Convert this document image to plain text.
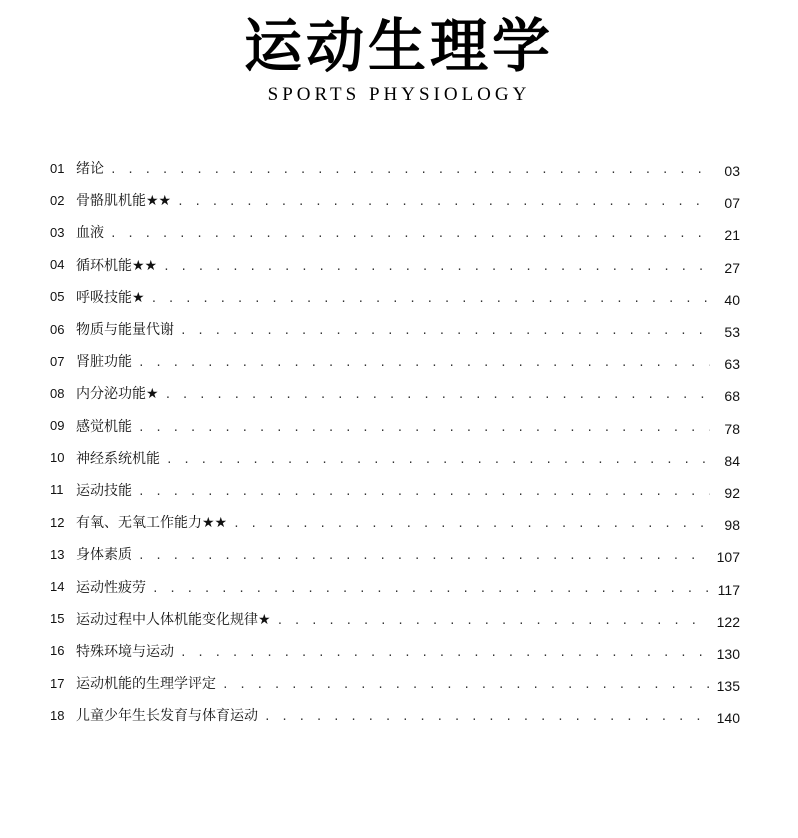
运动生理学
SPORTS PHYSIOLOGY
01 绪论 . . .	03
02 骨骼肌机能★★ . . .	07
03 血液 . . .	21
04 循环机能★★ . . .	27
05 呼吸技能★ . . .	40
06 物质与能量代谢 . . .	53
07 肾脏功能 . . .	63
08 内分泌功能★ . . .	68
09 感觉机能 . . .	78
10 神经系统机能 . . .	84
11 运动技能 . . .	92
12 有氧、无氧工作能力★★ . . .	98
13 身体素质 . . .	107
14 运动性疲劳 . . .	117
15 运动过程中人体机能变化规律★ . . .	122
16 特殊环境与运动 . . .	130
17 运动机能的生理学评定 . . .	135
18 儿童少年生长发育与体育运动 . . .	140
